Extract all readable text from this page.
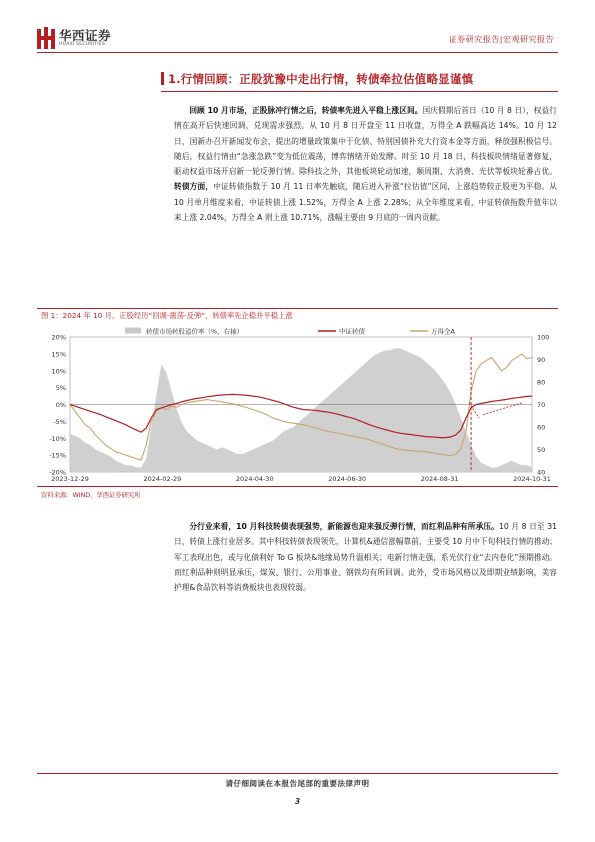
华西证券
HUAXI SECURITIES
证券研究报告|宏观研究报告
1.行情回顾：正股犹豫中走出行情，转债牵拉估值略显谨慎
回顾 10 月市场，正股脉冲行情之后，转债率先进入平稳上涨区间。国庆假期后首日（10 月 8 日），权益行情在高开后快速回调，兑现需求强烈。从 10 月 8 日开盘至 11 日收盘，万得全 A 跌幅高达 14%。10 月 12 日，国新办召开新闻发布会，提出的增量政策集中于化债、特别国债补充大行资本金等方面，释放强积极信号。随后，权益行情由“急涨急跌”变为低位震荡，博弈情绪开始发酵。时至 10 月 18 日，科技板块情绪显著修复，驱动权益市场开启新一轮反弹行情。除科技之外，其他板块轮动加速，顺周期、大消费、光伏等板块轮番占优。转债方面，中证转债指数于 10 月 11 日率先触底，随后进入补涨“拉估值”区间，上涨趋势较正股更为平稳。从 10 月单月维度来看，中证转债上涨 1.52%，万得全 A 上涨 2.28%；从全年维度来看，中证转债指数升值年以来上涨 2.04%，万得全 A 则上涨 10.71%，涨幅主要由 9 月底的一周内贡献。
图 1：2024 年 10 月，正股经历“回调-震荡-反弹”，转债率先企稳并平稳上涨
20%
15%
10%
5%
0%
-5%
-10%
-15%
-20%
100
90
80
70
60
50
40
2023-12-29	2024-02-29	2024-04-30	2024-06-30	2024-08-31	2024-10-31
转债市场转股溢价率（%，右轴）	中证转债	万得全A
资料来源：WIND，华西证券研究所
分行业来看，10 月科技转债表现强势，新能源也迎来强反弹行情，而红利品种有所承压。10 月 8 日至 31 日，转债上涨行业居多。其中科技转债表现领先，计算机&通信涨幅靠前，主要受 10 月中下旬科技行情的推动；军工表现出色，或与化债利好 To G 板块&地缘局势升温相关；电新行情走强，系光伏行业“去内卷化”预期推动。而红利品种则明显承压，煤炭、银行、公用事业、钢铁均有所回调。此外，受市场风格以及即期业绩影响，美容护理&食品饮料等消费板块也表现较弱。
请仔细阅读在本报告尾部的重要法律声明
3
